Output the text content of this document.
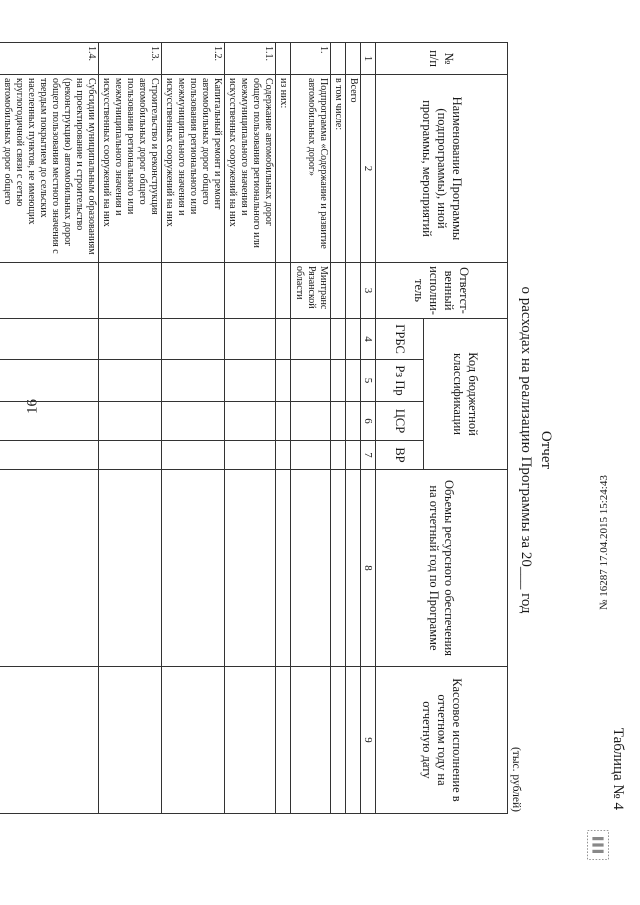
16
Таблица № 4
Отчет
о расходах на реализацию Программы за 20___ год
(тыс. рублей)
№ п/п	Наименование Программы (подпрограммы), иной программы, мероприятий	Ответст-венный исполни-тель	Код бюджетной классификации				Объемы ресурсного обеспечения на отчетный год по Программе	Кассовое исполнение в отчетном году на отчетную дату
			ГРБС	Рз Пр	ЦСР	ВР		
1	2	3	4	5	6	7	8	9
	Всего							
	в том числе:							
1.	Подпрограмма «Содержание и развитие автомобильных дорог»	Минтранс Рязанской области						
	из них:							
1.1.	Содержание автомобильных дорог общего пользования регионального или межмуниципального значения и искусственных сооружений на них							
1.2.	Капитальный ремонт и ремонт автомобильных дорог общего пользования регионального или межмуниципального значения и искусственных сооружений на них							
1.3.	Строительство и реконструкция автомобильных дорог общего пользования регионального или межмуниципального значения и искусственных сооружений на них							
1.4.	Субсидии муниципальным образованиям на проектирование и строительство (реконструкцию) автомобильных дорог общего пользования местного значения с твердым покрытием до сельских населенных пунктов, не имеющих круглогодичной связи с сетью автомобильных дорог общего							
№ 16287 17.04.2015 15:24:43
